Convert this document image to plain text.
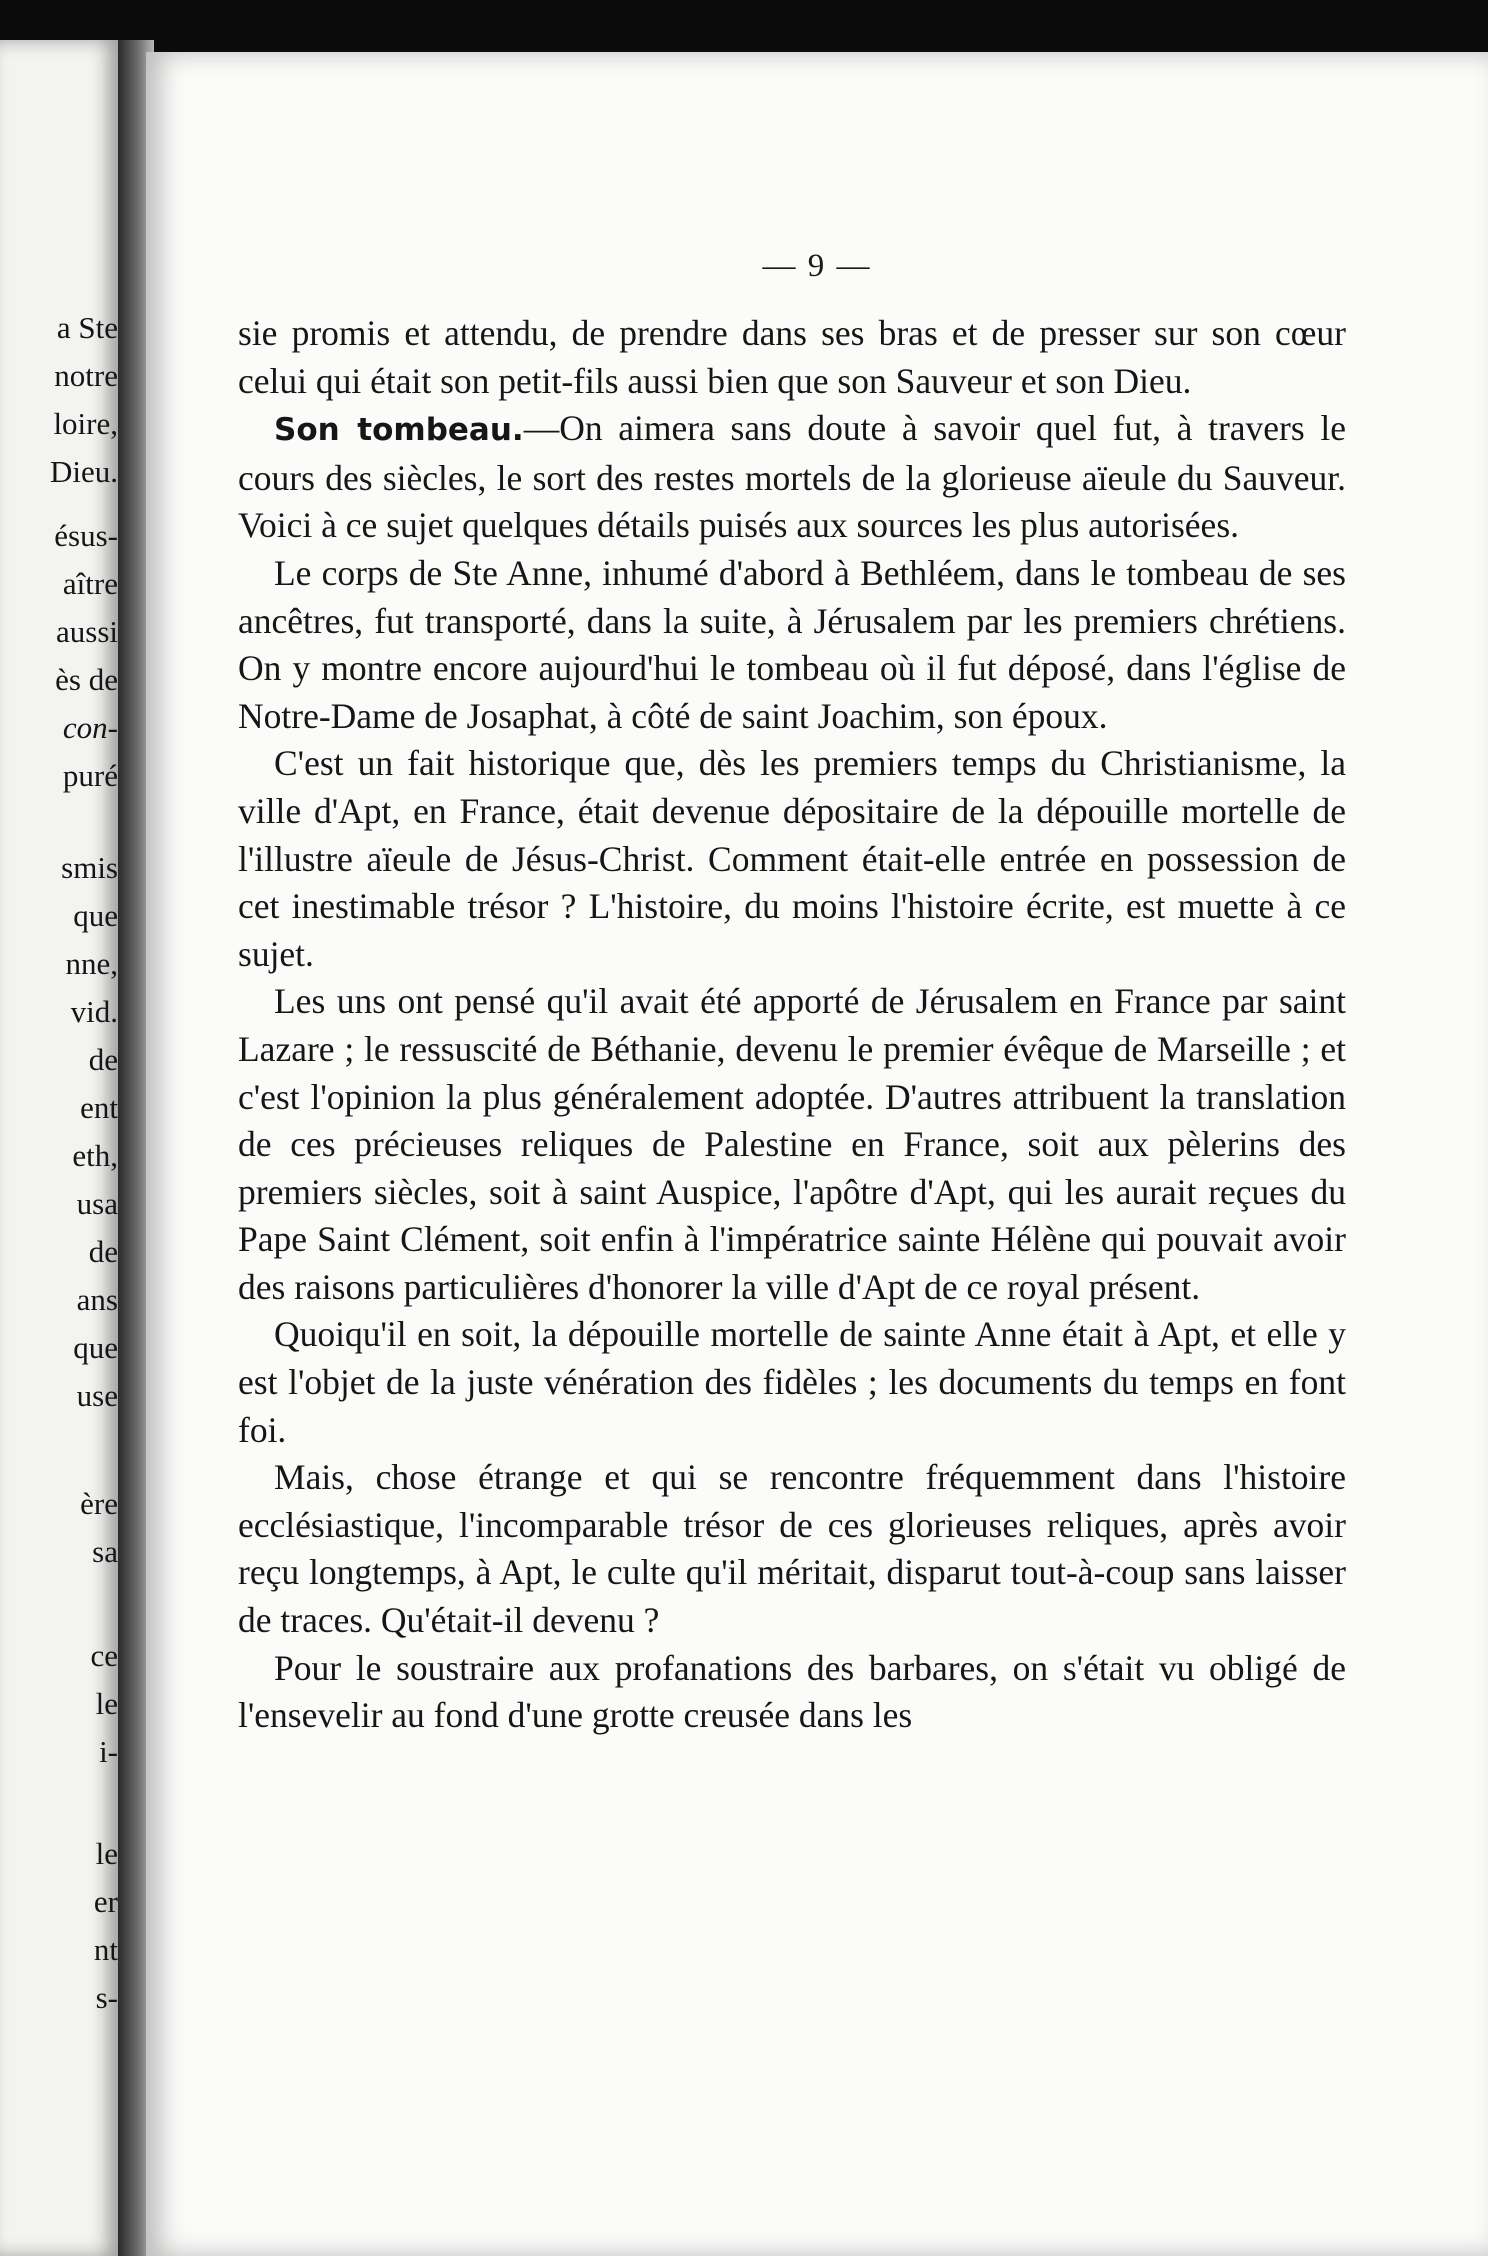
a Ste
notre
loire,
Dieu.
ésus-
aître
aussi
ès de
con-
puré
smis
que
nne,
vid.
de
ent
eth,
usa
de
ans
que
use
ère
sa
ce
le
i-
le
er
nt
s-
— 9 —

sie promis et attendu, de prendre dans ses bras et de presser sur son cœur celui qui était son petit-fils aussi bien que son Sauveur et son Dieu.

Son tombeau.—On aimera sans doute à savoir quel fut, à travers le cours des siècles, le sort des restes mortels de la glorieuse aïeule du Sauveur. Voici à ce sujet quelques détails puisés aux sources les plus autorisées.

Le corps de Ste Anne, inhumé d'abord à Bethléem, dans le tombeau de ses ancêtres, fut transporté, dans la suite, à Jérusalem par les premiers chrétiens. On y montre encore aujourd'hui le tombeau où il fut déposé, dans l'église de Notre-Dame de Josaphat, à côté de saint Joachim, son époux.

C'est un fait historique que, dès les premiers temps du Christianisme, la ville d'Apt, en France, était devenue dépositaire de la dépouille mortelle de l'illustre aïeule de Jésus-Christ. Comment était-elle entrée en possession de cet inestimable trésor ? L'histoire, du moins l'histoire écrite, est muette à ce sujet.

Les uns ont pensé qu'il avait été apporté de Jérusalem en France par saint Lazare ; le ressuscité de Béthanie, devenu le premier évêque de Marseille ; et c'est l'opinion la plus généralement adoptée. D'autres attribuent la translation de ces précieuses reliques de Palestine en France, soit aux pèlerins des premiers siècles, soit à saint Auspice, l'apôtre d'Apt, qui les aurait reçues du Pape Saint Clément, soit enfin à l'impératrice sainte Hélène qui pouvait avoir des raisons particulières d'honorer la ville d'Apt de ce royal présent.

Quoiqu'il en soit, la dépouille mortelle de sainte Anne était à Apt, et elle y est l'objet de la juste vénération des fidèles ; les documents du temps en font foi.

Mais, chose étrange et qui se rencontre fréquemment dans l'histoire ecclésiastique, l'incomparable trésor de ces glorieuses reliques, après avoir reçu longtemps, à Apt, le culte qu'il méritait, disparut tout-à-coup sans laisser de traces. Qu'était-il devenu ?

Pour le soustraire aux profanations des barbares, on s'était vu obligé de l'ensevelir au fond d'une grotte creusée dans les
